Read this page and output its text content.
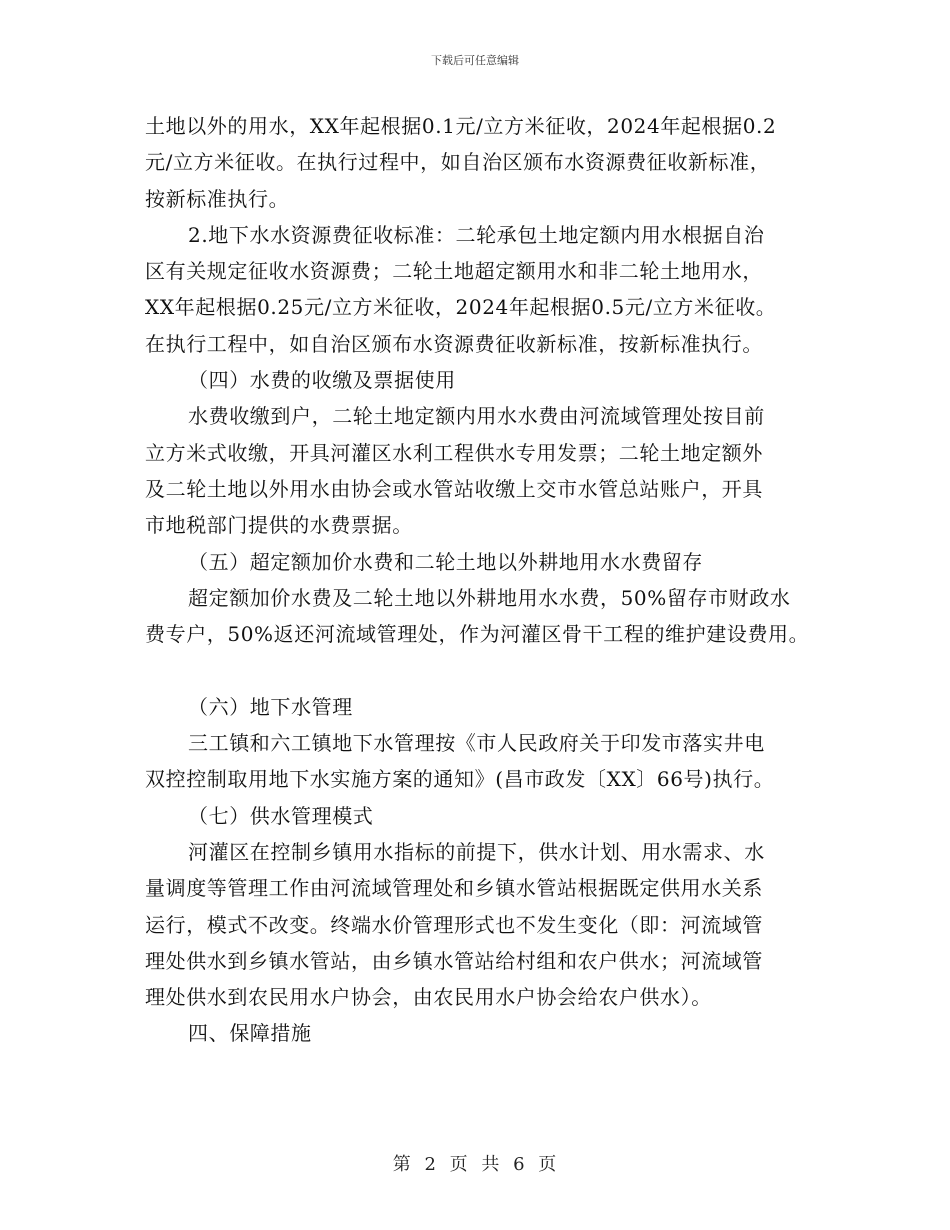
下载后可任意编辑
土地以外的用水，XX年起根据0.1元/立方米征收，2024年起根据0.2
元/立方米征收。在执行过程中，如自治区颁布水资源费征收新标准，
按新标准执行。
2.地下水水资源费征收标准：二轮承包土地定额内用水根据自治
区有关规定征收水资源费；二轮土地超定额用水和非二轮土地用水，
XX年起根据0.25元/立方米征收，2024年起根据0.5元/立方米征收。
在执行工程中，如自治区颁布水资源费征收新标准，按新标准执行。
（四）水费的收缴及票据使用
水费收缴到户，二轮土地定额内用水水费由河流域管理处按目前
立方米式收缴，开具河灌区水利工程供水专用发票；二轮土地定额外
及二轮土地以外用水由协会或水管站收缴上交市水管总站账户，开具
市地税部门提供的水费票据。
（五）超定额加价水费和二轮土地以外耕地用水水费留存
超定额加价水费及二轮土地以外耕地用水水费，50%留存市财政水
费专户，50%返还河流域管理处，作为河灌区骨干工程的维护建设费用。
（六）地下水管理
三工镇和六工镇地下水管理按《市人民政府关于印发市落实井电
双控控制取用地下水实施方案的通知》(昌市政发〔XX〕66号)执行。
（七）供水管理模式
河灌区在控制乡镇用水指标的前提下，供水计划、用水需求、水
量调度等管理工作由河流域管理处和乡镇水管站根据既定供用水关系
运行，模式不改变。终端水价管理形式也不发生变化（即：河流域管
理处供水到乡镇水管站，由乡镇水管站给村组和农户供水；河流域管
理处供水到农民用水户协会，由农民用水户协会给农户供水）。
四、保障措施
第 2 页 共 6 页
